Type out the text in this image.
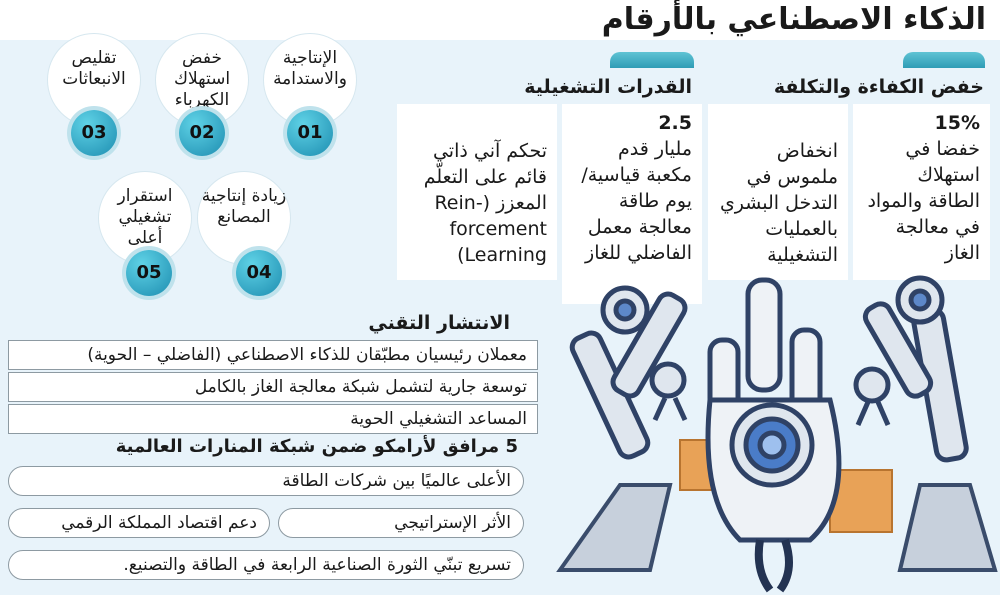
الذكاء الاصطناعي بالأرقام
خفض الكفاءة والتكلفة
15%
خفضا في استهلاك الطاقة والمواد في معالجة الغاز
انخفاض ملموس في التدخل البشري بالعمليات التشغيلية
القدرات التشغيلية
2.5
مليار قدم مكعبة قياسية/يوم طاقة معالجة معمل الفاضلي للغاز
تحكم آني ذاتي قائم على التعلّم المعزز (-Rein forcement Learning)
الإنتاجية والاستدامة
01
خفض استهلاك الكهرباء
02
تقليص الانبعاثات
03
زيادة إنتاجية المصانع
04
استقرار تشغيلي أعلى
05
الانتشار التقني
معملان رئيسيان مطبّقان للذكاء الاصطناعي (الفاضلي – الحوية)
توسعة جارية لتشمل شبكة معالجة الغاز بالكامل
المساعد التشغيلي الحوية
5 مرافق لأرامكو ضمن شبكة المنارات العالمية
الأعلى عالميًا بين شركات الطاقة
الأثر الإستراتيجي
دعم اقتصاد المملكة الرقمي
تسريع تبنّي الثورة الصناعية الرابعة في الطاقة والتصنيع.
